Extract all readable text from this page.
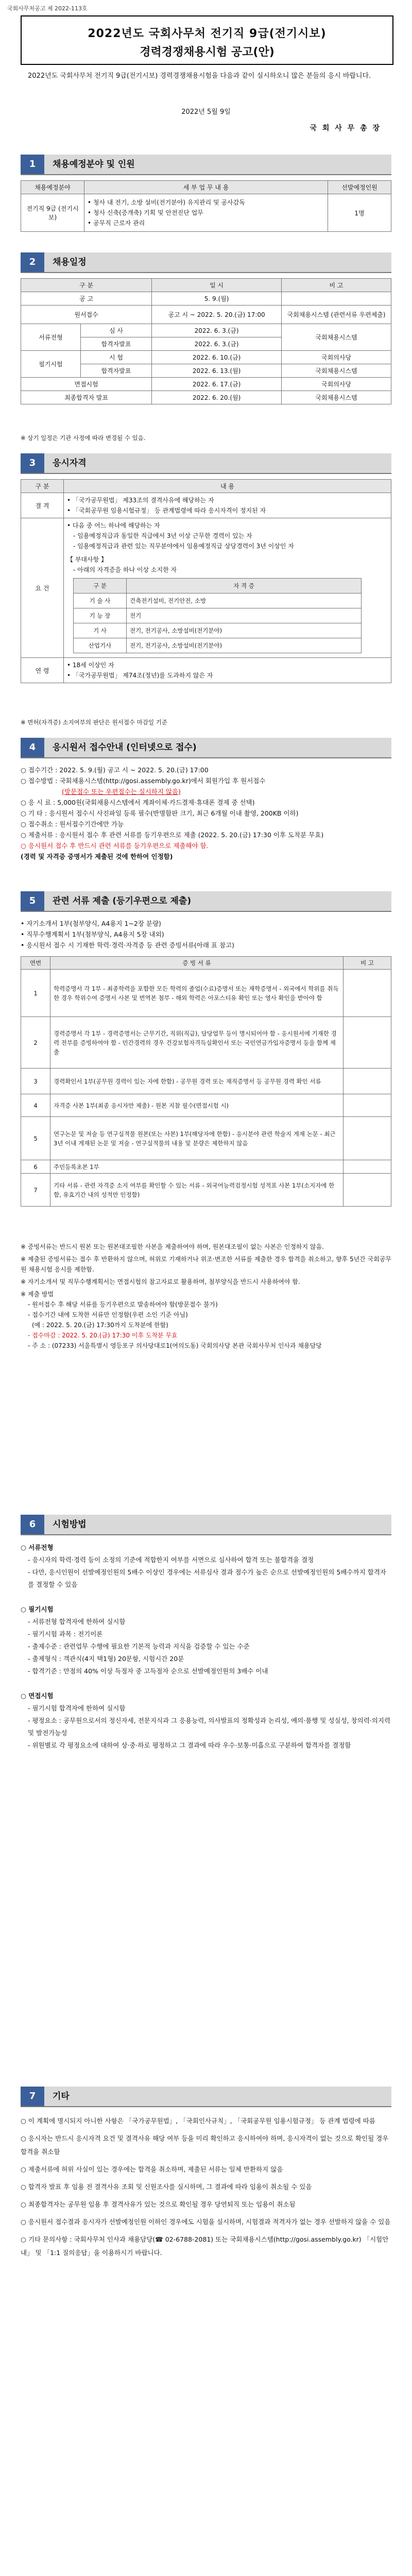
국회사무처공고 제 2022-113호
2022년도 국회사무처 전기직 9급(전기시보)
경력경쟁채용시험 공고(안)
2022년도 국회사무처 전기직 9급(전기시보) 경력경쟁채용시험을 다음과 같이 실시하오니 많은 분들의 응시 바랍니다.
2022년 5월 9일
국 회 사 무 총 장
1	채용예정분야 및 인원
채용예정분야	세 부 업 무 내 용	선발예정인원
전기직 9급 (전기시보)	• 청사 내 전기, 소방 설비(전기분야) 유지관리 및 공사감독
• 청사 신축(증개축) 기획 및 안전진단 업무
• 공무직 근로자 관리	1명
2	채용일정
구 분		일 시	비 고
공 고		5. 9.(월)	
원서접수		공고 시 ~ 2022. 5. 20.(금) 17:00	국회채용시스템 (관련서류 우편제출)
서류전형	심 사	2022. 6. 3.(금)	국회채용시스템
	합격자발표	2022. 6. 3.(금)	
필기시험	시 험	2022. 6. 10.(금)	국회의사당
	합격자발표	2022. 6. 13.(월)	국회채용시스템
면접시험		2022. 6. 17.(금)	국회의사당
최종합격자 발표		2022. 6. 20.(월)	국회채용시스템
※ 상기 일정은 기관 사정에 따라 변경될 수 있음.
3	응시자격
구 분	내 용
결 격	
• 「국가공무원법」 제33조의 결격사유에 해당하는 자
• 「국회공무원 임용시험규정」 등 관계법령에 따라 응시자격이 정지된 자

요 건	
• 다음 중 어느 하나에 해당하는 자
- 임용예정직급과 동일한 직급에서 3년 이상 근무한 경력이 있는 자
- 임용예정직급과 관련 있는 직무분야에서 임용예정직급 상당경력이 3년 이상인 자
【 부대사항 】
- 아래의 자격증을 하나 이상 소지한 자
구 분	자 격 증
기 술 사	건축전기설비, 전기안전, 소방
기 능 장	전기
기 사	전기, 전기공사, 소방설비(전기분야)
산업기사	전기, 전기공사, 소방설비(전기분야)

연 령	
• 18세 이상인 자
• 「국가공무원법」 제74조(정년)를 도과하지 않은 자
※ 면허(자격증) 소지여부의 판단은 원서접수 마감일 기준
4	응시원서 접수안내 (인터넷으로 접수)

○ 접수기간 : 2022. 5. 9.(월) 공고 시 ~ 2022. 5. 20.(금) 17:00

○ 접수방법 : 국회채용시스템(http://gosi.assembly.go.kr)에서 회원가입 후 원서접수

(방문접수 또는 우편접수는 실시하지 않음)

○ 응 시 료 : 5,000원(국회채용시스템에서 계좌이체·카드결제·휴대폰 결제 중 선택)

○ 기 타 : 응시원서 접수시 사진파일 등록 필수(반명함판 크기, 최근 6개월 이내 촬영, 200KB 이하)

○ 접수취소 : 원서접수기간에만 가능

○ 제출서류 : 응시원서 접수 후 관련 서류를 등기우편으로 제출 (2022. 5. 20.(금) 17:30 이후 도착분 무효)

○ 응시원서 접수 후 반드시 관련 서류를 등기우편으로 제출해야 함.

(경력 및 자격증 증명서가 제출된 것에 한하여 인정함)

5	관련 서류 제출 (등기우편으로 제출)

• 자기소개서 1부(첨부양식, A4용지 1~2장 분량)

• 직무수행계획서 1부(첨부양식, A4용지 5장 내외)

• 응시원서 접수 시 기재한 학력·경력·자격증 등 관련 증빙서류(아래 표 참고)

연번	증 빙 서 류	비 고
1	학력증명서 각 1부 - 최종학력을 포함한 모든 학력의 졸업(수료)증명서 또는 재학증명서 - 외국에서 학위를 취득한 경우 학위수여 증명서 사본 및 번역본 첨부 - 해외 학력은 아포스티유 확인 또는 영사 확인을 받아야 함	
2	경력증명서 각 1부 - 경력증명서는 근무기간, 직위(직급), 담당업무 등이 명시되어야 함 - 응시원서에 기재한 경력 전부를 증빙하여야 함 - 민간경력의 경우 건강보험자격득실확인서 또는 국민연금가입자증명서 등을 함께 제출	
3	경력확인서 1부(공무원 경력이 있는 자에 한함) - 공무원 경력 또는 재직증명서 등 공무원 경력 확인 서류	
4	자격증 사본 1부(최종 응시자만 제출) - 원본 지참 필수(면접시험 시)	
5	연구논문 및 저술 등 연구실적물 원본(또는 사본) 1부(해당자에 한함) - 응시분야 관련 학술지 게재 논문 - 최근 3년 이내 게재된 논문 및 저술 - 연구실적물의 내용 및 분량은 제한하지 않음	
6	주민등록초본 1부	
7	기타 서류 - 관련 자격증 소지 여부를 확인할 수 있는 서류 - 외국어능력검정시험 성적표 사본 1부(소지자에 한함, 유효기간 내의 성적만 인정함)	

※ 증빙서류는 반드시 원본 또는 원본대조필한 사본을 제출하여야 하며, 원본대조필이 없는 사본은 인정하지 않음.

※ 제출된 증빙서류는 접수 후 반환하지 않으며, 허위로 기재하거나 위조·변조한 서류를 제출한 경우 합격을 취소하고, 향후 5년간 국회공무원 채용시험 응시를 제한함.

※ 자기소개서 및 직무수행계획서는 면접시험의 참고자료로 활용하며, 첨부양식을 반드시 사용하여야 함.

※ 제출 방법

- 원서접수 후 해당 서류를 등기우편으로 발송하여야 함(방문접수 불가)

- 접수기간 내에 도착한 서류만 인정함(우편 소인 기준 아님)

(예 : 2022. 5. 20.(금) 17:30까지 도착분에 한함)

- 접수마감 : 2022. 5. 20.(금) 17:30 이후 도착분 무효

- 주 소 : (07233) 서울특별시 영등포구 의사당대로1(여의도동) 국회의사당 본관 국회사무처 인사과 채용담당

6	시험방법

○ 서류전형

- 응시자의 학력·경력 등이 소정의 기준에 적합한지 여부를 서면으로 심사하여 합격 또는 불합격을 결정

- 다만, 응시인원이 선발예정인원의 5배수 이상인 경우에는 서류심사 결과 점수가 높은 순으로 선발예정인원의 5배수까지 합격자를 결정할 수 있음

○ 필기시험

- 서류전형 합격자에 한하여 실시함

- 필기시험 과목 : 전기이론

- 출제수준 : 관련업무 수행에 필요한 기본적 능력과 지식을 검증할 수 있는 수준

- 출제형식 : 객관식(4지 택1형) 20문항, 시험시간 20분

- 합격기준 : 만점의 40% 이상 득점자 중 고득점자 순으로 선발예정인원의 3배수 이내

○ 면접시험

- 필기시험 합격자에 한하여 실시함

- 평정요소 : 공무원으로서의 정신자세, 전문지식과 그 응용능력, 의사발표의 정확성과 논리성, 예의·품행 및 성실성, 창의력·의지력 및 발전가능성

- 위원별로 각 평정요소에 대하여 상·중·하로 평정하고 그 결과에 따라 우수·보통·미흡으로 구분하여 합격자를 결정함

7	기타

○ 이 계획에 명시되지 아니한 사항은 「국가공무원법」, 「국회인사규칙」, 「국회공무원 임용시험규정」 등 관계 법령에 따름

○ 응시자는 반드시 응시자격 요건 및 결격사유 해당 여부 등을 미리 확인하고 응시하여야 하며, 응시자격이 없는 것으로 확인될 경우 합격을 취소함

○ 제출서류에 허위 사실이 있는 경우에는 합격을 취소하며, 제출된 서류는 일체 반환하지 않음

○ 합격자 발표 후 임용 전 결격사유 조회 및 신원조사를 실시하며, 그 결과에 따라 임용이 취소될 수 있음

○ 최종합격자는 공무원 임용 후 결격사유가 있는 것으로 확인될 경우 당연퇴직 또는 임용이 취소됨

○ 응시원서 접수결과 응시자가 선발예정인원 이하인 경우에도 시험을 실시하며, 시험결과 적격자가 없는 경우 선발하지 않을 수 있음

○ 기타 문의사항 : 국회사무처 인사과 채용담당(☎ 02-6788-2081) 또는 국회채용시스템(http://gosi.assembly.go.kr) 「시험안내」 및 「1:1 질의응답」을 이용하시기 바랍니다.
